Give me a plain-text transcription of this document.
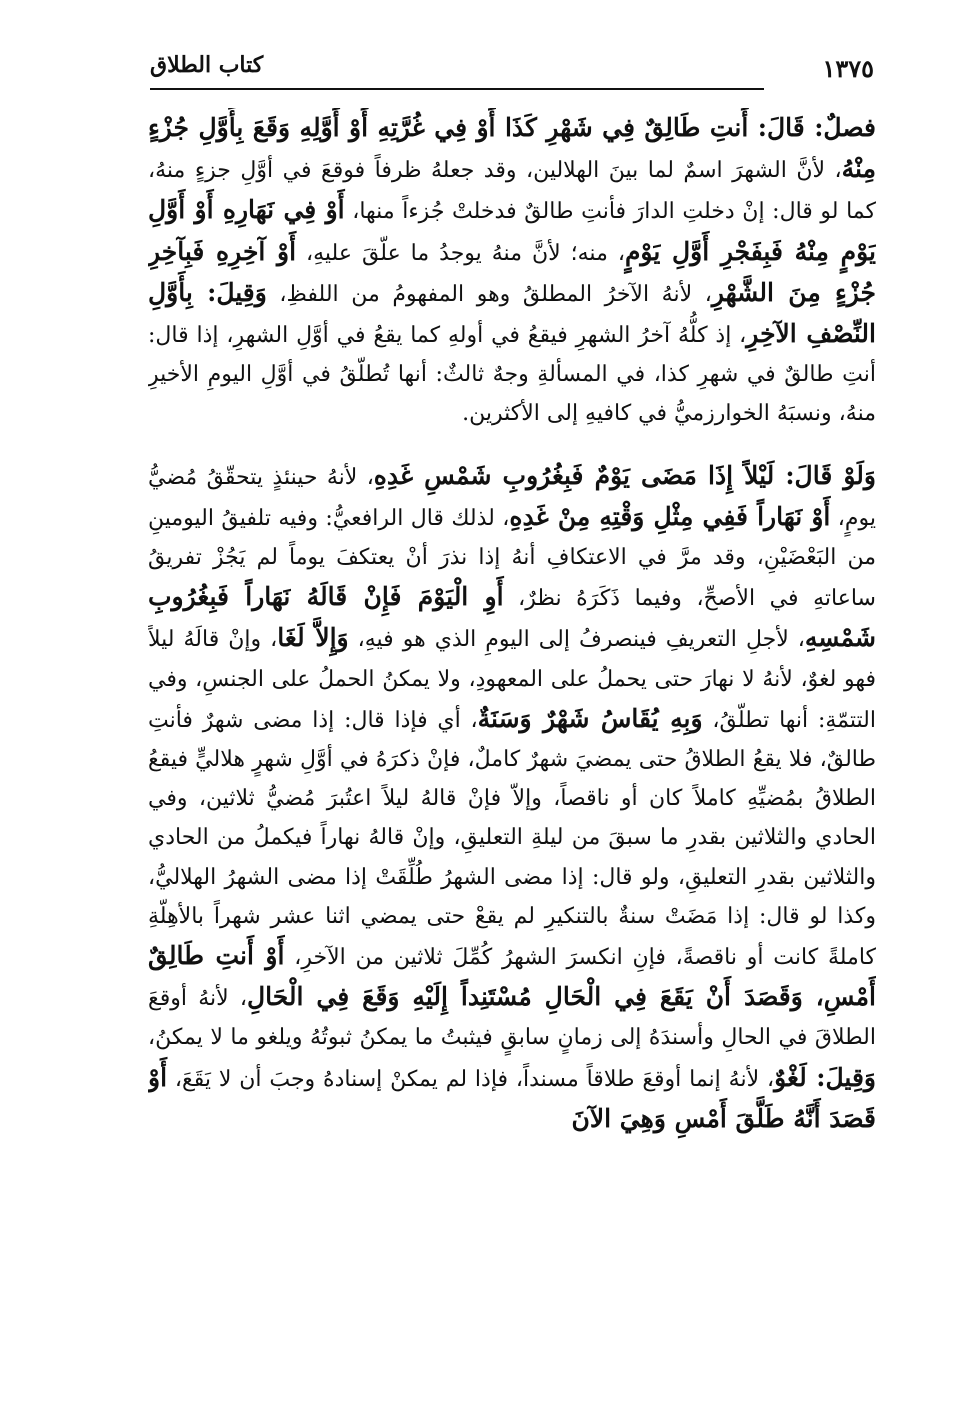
كتاب الطلاق	١٣٧٥

فصلٌ: قَالَ: أَنتِ طَالِقٌ فِي شَهْرِ كَذَا أَوْ فِي غُرَّتِهِ أَوْ أَوَّلِهِ وَقَعَ بِأَوَّلِ جُزْءٍ مِنْهُ، لأنَّ الشهرَ اسمٌ لما بينَ الهلالين، وقد جعلهُ ظرفاً فوقعَ في أوَّلِ جزءٍ منهُ، كما لو قال: إنْ دخلتِ الدارَ فأنتِ طالقٌ فدخلتْ جُزءاً منها، أَوْ فِي نَهَارِهِ أَوْ أَوَّلِ يَوْمٍ مِنْهُ فَبِفَجْرِ أَوَّلِ يَوْمٍ، منه؛ لأنَّ منهُ يوجدُ ما علّقَ عليهِ، أَوْ آخِرِهِ فَبِآخِرِ جُزْءٍ مِنَ الشَّهْرِ، لأنهُ الآخرُ المطلقُ وهو المفهومُ من اللفظِ، وَقِيلَ: بِأَوَّلِ النِّصْفِ الآخِرِ، إذ كلُّهُ آخرُ الشهرِ فيقعُ في أولهِ كما يقعُ في أوَّلِ الشهرِ، إذا قال: أنتِ طالقٌ في شهرِ كذا، في المسألةِ وجهٌ ثالثٌ: أنها تُطلّقُ في أوَّلِ اليومِ الأخيرِ منهُ، ونسبَهُ الخوارزميُّ في كافيهِ إلى الأكثرين.

وَلَوْ قَالَ: لَيْلاً إِذَا مَضَى يَوْمٌ فَبِغُرُوبِ شَمْسِ غَدِهِ، لأنهُ حينئذٍ يتحقّقُ مُضيُّ يومٍ، أَوْ نَهَاراً فَفِي مِثْلِ وَقْتِهِ مِنْ غَدِهِ، لذلك قال الرافعيُّ: وفيه تلفيقُ اليومينِ من البَعْضَيْنِ، وقد مرَّ في الاعتكافِ أنهُ إذا نذرَ أنْ يعتكفَ يوماً لم يَجُزْ تفريقُ ساعاتهِ في الأصحِّ، وفيما ذَكَرَهُ نظرٌ، أَوِ الْيَوْمَ فَإِنْ قَالَهُ نَهَاراً فَبِغُرُوبِ شَمْسِهِ، لأجلِ التعريفِ فينصرفُ إلى اليومِ الذي هو فيهِ، وَإِلاَّ لَغَا، وإنْ قالَهُ ليلاً فهو لغوٌ، لأنهُ لا نهارَ حتى يحملُ على المعهودِ، ولا يمكنُ الحملُ على الجنسِ، وفي التتمّةِ: أنها تطلّقُ، وَبِهِ يُقَاسُ شَهْرٌ وَسَنَةٌ، أي فإذا قال: إذا مضى شهرٌ فأنتِ طالقٌ، فلا يقعُ الطلاقُ حتى يمضيَ شهرٌ كاملٌ، فإنْ ذكرَهُ في أوَّلِ شهرٍ هلاليٍّ فيقعُ الطلاقُ بمُضيِّهِ كاملاً كان أو ناقصاً، وإلاّ فإنْ قالهُ ليلاً اعتُبرَ مُضيُّ ثلاثين، وفي الحادي والثلاثين بقدرِ ما سبقَ من ليلةِ التعليقِ، وإنْ قالهُ نهاراً فيكملُ من الحادي والثلاثين بقدرِ التعليقِ، ولو قال: إذا مضى الشهرُ طُلِّقَتْ إذا مضى الشهرُ الهلاليُّ، وكذا لو قال: إذا مَضَتْ سنةٌ بالتنكيرِ لم يقعْ حتى يمضي اثنا عشر شهراً بالأهِلّةِ كاملةً كانت أو ناقصةً، فإنِ انكسرَ الشهرُ كُمِّلَ ثلاثين من الآخرِ، أَوْ أَنتِ طَالِقٌ أَمْسِ، وَقَصَدَ أَنْ يَقَعَ فِي الْحَالِ مُسْتَنِداً إِلَيْهِ وَقَعَ فِي الْحَالِ، لأنهُ أوقعَ الطلاقَ في الحالِ وأسندَهُ إلى زمانٍ سابقٍ فيثبتُ ما يمكنُ ثبوتُهُ ويلغو ما لا يمكنُ، وَقِيلَ: لَغْوٌ، لأنهُ إنما أوقعَ طلاقاً مسنداً، فإذا لم يمكنْ إسنادهُ وجبَ أن لا يَقَعَ، أَوْ قَصَدَ أَنَّهُ طَلَّقَ أَمْسِ وَهِيَ الآنَ
